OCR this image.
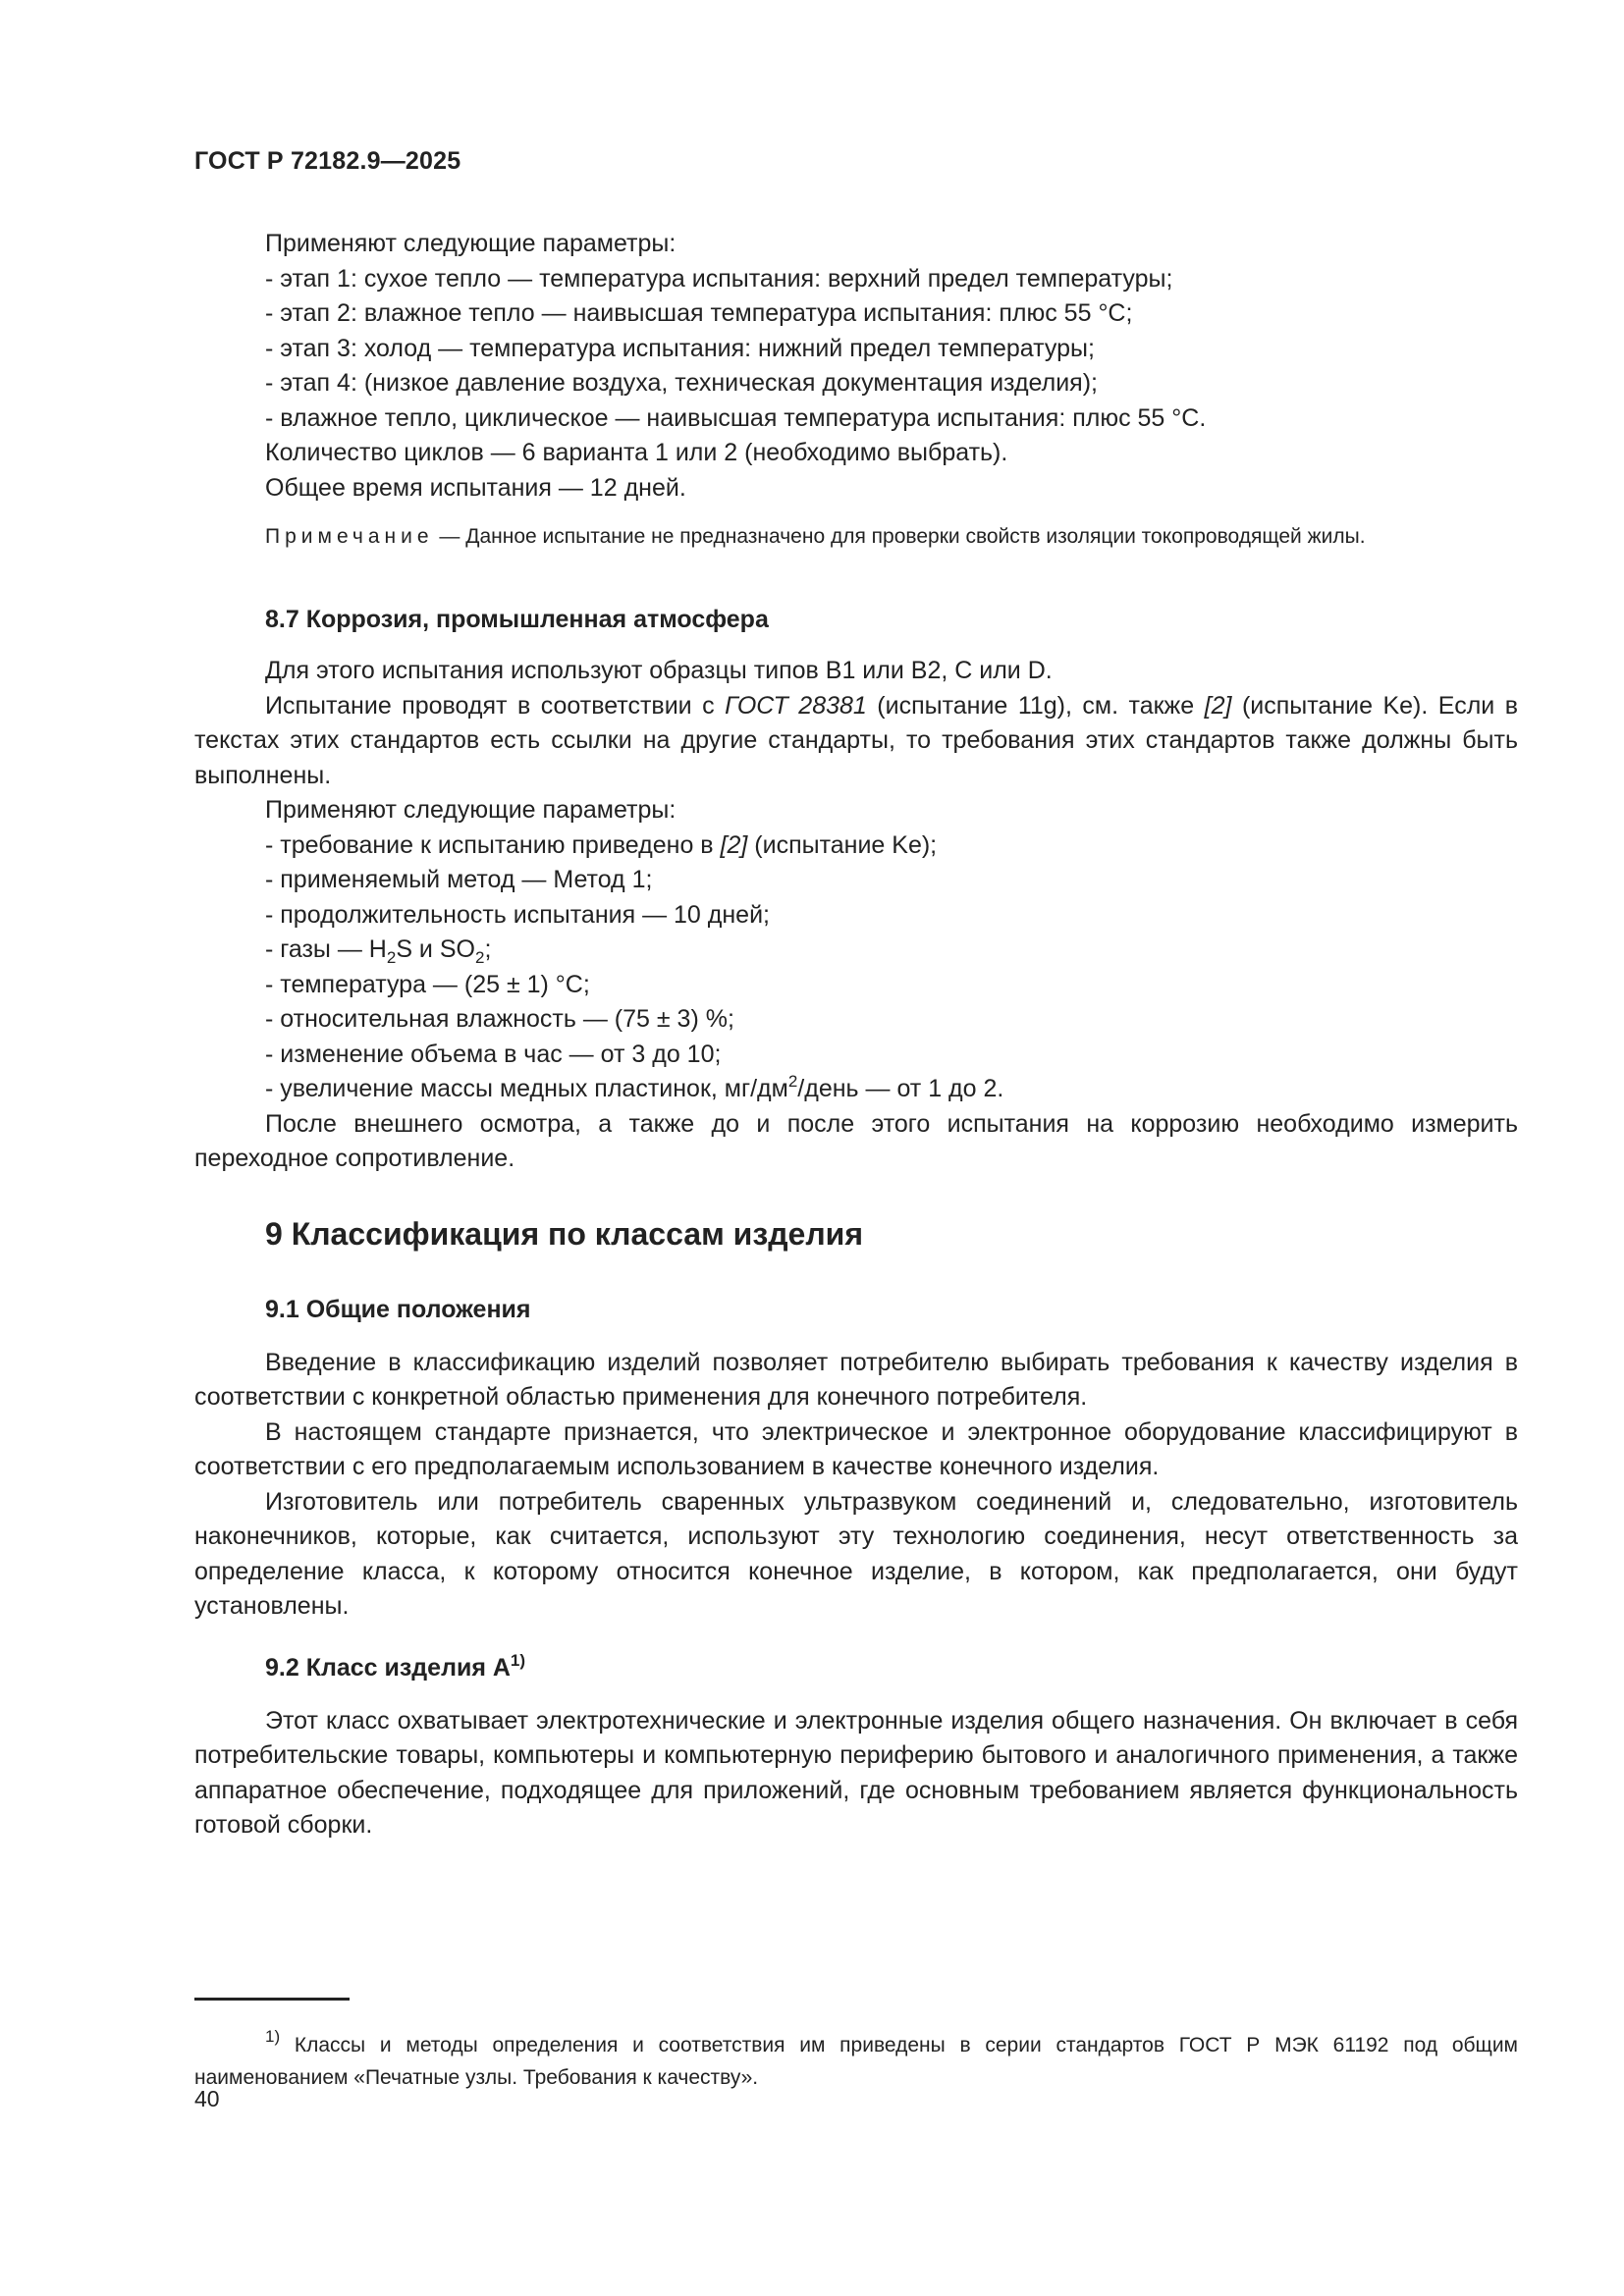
ГОСТ Р 72182.9—2025

Применяют следующие параметры:

- этап 1: сухое тепло — температура испытания: верхний предел температуры;

- этап 2: влажное тепло — наивысшая температура испытания: плюс 55 °С;

- этап 3: холод — температура испытания: нижний предел температуры;

- этап 4: (низкое давление воздуха, техническая документация изделия);

- влажное тепло, циклическое — наивысшая температура испытания: плюс 55 °С.

Количество циклов — 6 варианта 1 или 2 (необходимо выбрать).

Общее время испытания — 12 дней.

Примечание — Данное испытание не предназначено для проверки свойств изоляции токопроводящей жилы.

8.7 Коррозия, промышленная атмосфера

Для этого испытания используют образцы типов В1 или В2, С или D.

Испытание проводят в соответствии с ГОСТ 28381 (испытание 11g), см. также [2] (испытание Ke). Если в текстах этих стандартов есть ссылки на другие стандарты, то требования этих стандартов также должны быть выполнены.

Применяют следующие параметры:

- требование к испытанию приведено в [2] (испытание Ke);

- применяемый метод — Метод 1;

- продолжительность испытания — 10 дней;

- газы — $H_2S$ и $SO_2$;

- температура — (25 ± 1) °С;

- относительная влажность — (75 ± 3) %;

- изменение объема в час — от 3 до 10;

- увеличение массы медных пластинок, $мг/дм^2$/день — от 1 до 2.

После внешнего осмотра, а также до и после этого испытания на коррозию необходимо измерить переходное сопротивление.

9 Классификация по классам изделия
9.1 Общие положения

Введение в классификацию изделий позволяет потребителю выбирать требования к качеству изделия в соответствии с конкретной областью применения для конечного потребителя.

В настоящем стандарте признается, что электрическое и электронное оборудование классифицируют в соответствии с его предполагаемым использованием в качестве конечного изделия.

Изготовитель или потребитель сваренных ультразвуком соединений и, следовательно, изготовитель наконечников, которые, как считается, используют эту технологию соединения, несут ответственность за определение класса, к которому относится конечное изделие, в котором, как предполагается, они будут установлены.

9.2 Класс изделия $А^{1)}$

Этот класс охватывает электротехнические и электронные изделия общего назначения. Он включает в себя потребительские товары, компьютеры и компьютерную периферию бытового и аналогичного применения, а также аппаратное обеспечение, подходящее для приложений, где основным требованием является функциональность готовой сборки.

$^{1)}$ Классы и методы определения и соответствия им приведены в серии стандартов ГОСТ Р МЭК 61192 под общим наименованием «Печатные узлы. Требования к качеству».

40
